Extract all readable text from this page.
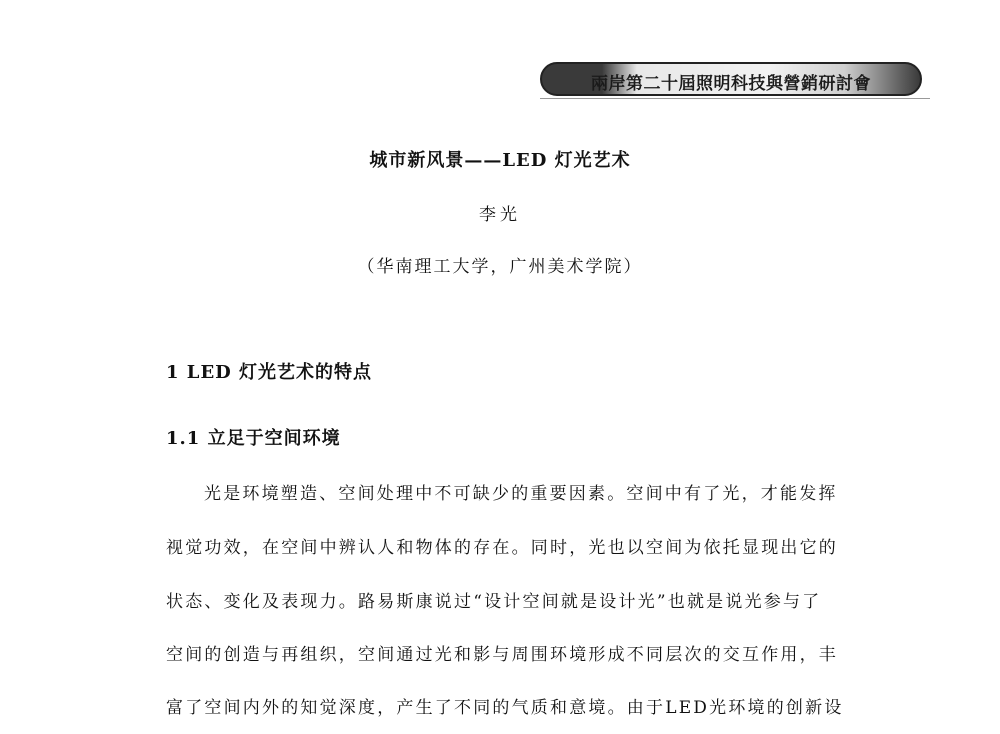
兩岸第二十屆照明科技與營銷研討會
城市新风景——LED 灯光艺术
李光
（华南理工大学，广州美术学院）
1 LED 灯光艺术的特点
1.1 立足于空间环境
光是环境塑造、空间处理中不可缺少的重要因素。空间中有了光，才能发挥
视觉功效，在空间中辨认人和物体的存在。同时，光也以空间为依托显现出它的
状态、变化及表现力。路易斯康说过“设计空间就是设计光”也就是说光参与了
空间的创造与再组织，空间通过光和影与周围环境形成不同层次的交互作用，丰
富了空间内外的知觉深度，产生了不同的气质和意境。由于LED光环境的创新设
